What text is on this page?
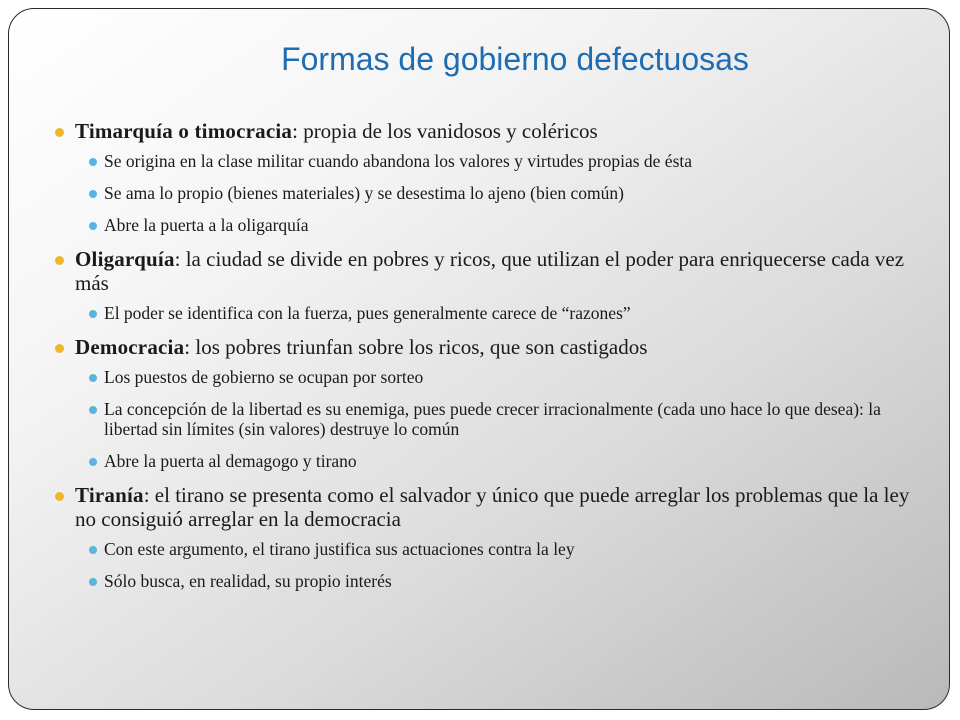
Formas de gobierno defectuosas
Timarquía o timocracia: propia de los vanidosos y coléricos
Se origina en la clase militar cuando abandona los valores y virtudes propias de ésta
Se ama lo propio (bienes materiales) y se desestima lo ajeno (bien común)
Abre la puerta a la oligarquía
Oligarquía: la ciudad se divide en pobres y ricos, que utilizan el poder para enriquecerse cada vez más
El poder se identifica con la fuerza, pues generalmente carece de “razones”
Democracia: los pobres triunfan sobre los ricos, que son castigados
Los puestos de gobierno se ocupan por sorteo
La concepción de la libertad es su enemiga, pues puede crecer irracionalmente (cada uno hace lo que desea): la libertad sin límites (sin valores) destruye lo común
Abre la puerta al demagogo y tirano
Tiranía: el tirano se presenta como el salvador y único que puede arreglar los problemas que la ley no consiguió arreglar en la democracia
Con este argumento, el tirano justifica sus actuaciones contra la ley
Sólo busca, en realidad, su propio interés
